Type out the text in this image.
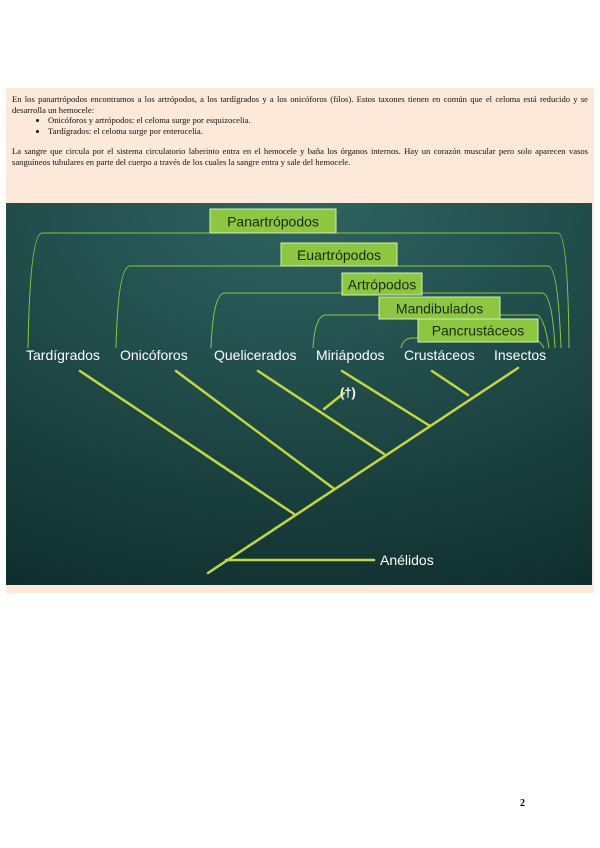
En los panartrópodos encontramos a los artrópodos, a los tardígrados y a los onicóforos (filos). Estos taxones tienen en común que el celoma está reducido y se desarrolla un hemocele:

• Onicóforos y artrópodos: el celoma surge por esquizocelia.
• Tardígrados: el celoma surge por enterocelia.

La sangre que circula por el sistema circulatorio laberinto entra en el hemocele y baña los órganos internos. Hay un corazón muscular pero solo aparecen vasos sanguíneos tubulares en parte del cuerpo a través de los cuales la sangre entra y sale del hemocele.

Panartrópodos
Euartrópodos
Artrópodos
Mandibulados
Pancrustáceos
Tardígrados Onicóforos Quelicerados Miriápodos Crustáceos Insectos
(†)
Anélidos
2
